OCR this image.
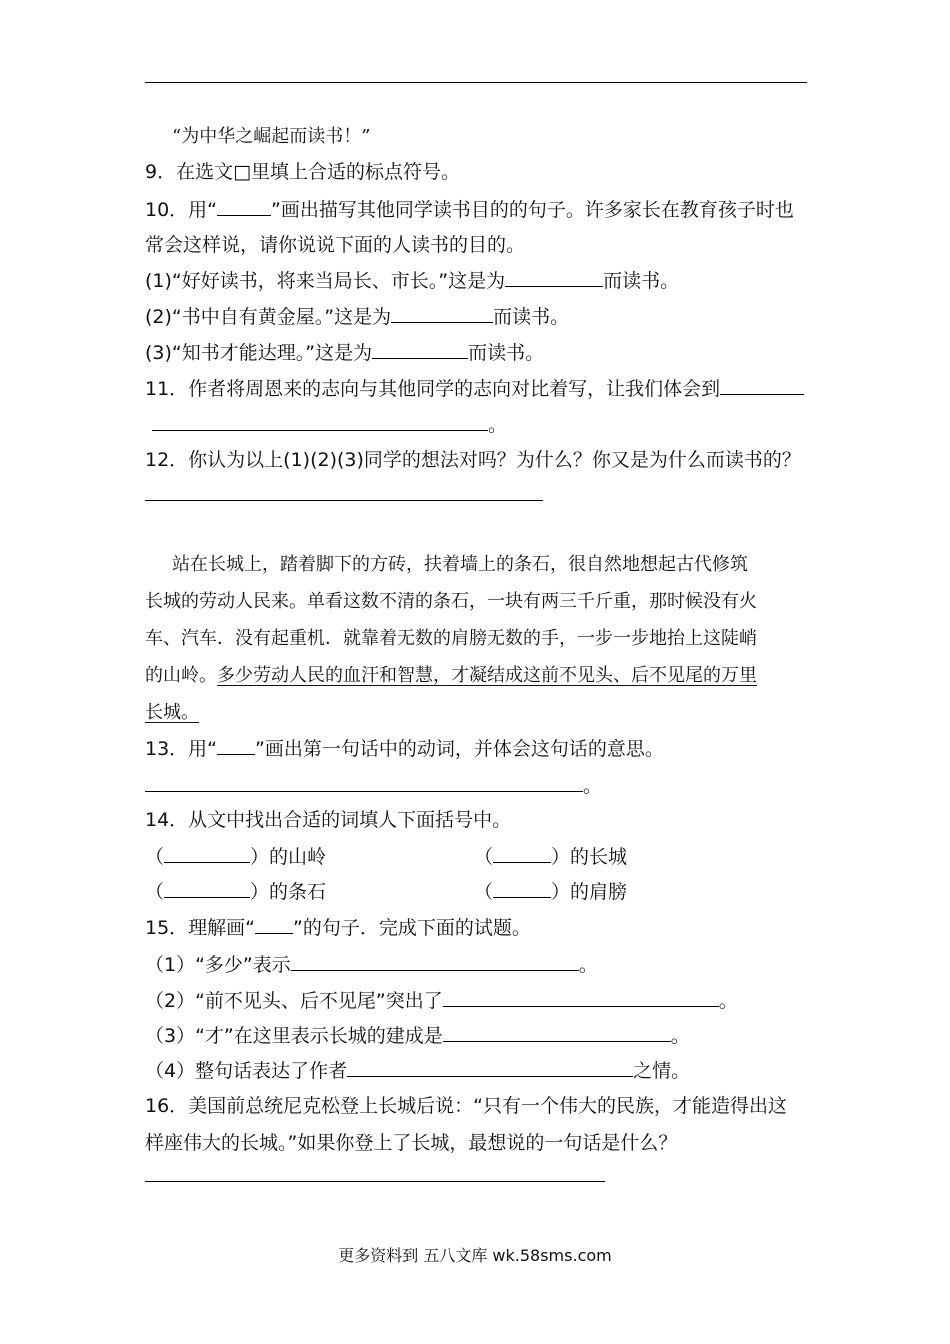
“为中华之崛起而读书！”
9．在选文□里填上合适的标点符号。
10．用“	”画出描写其他同学读书目的的句子。许多家长在教育孩子时也
常会这样说，请你说说下面的人读书的目的。
(1)“好好读书，将来当局长、市长。”这是为	而读书。
(2)“书中自有黄金屋。”这是为	而读书。
(3)“知书才能达理。”这是为	而读书。
11．作者将周恩来的志向与其他同学的志向对比着写，让我们体会到
。
12．你认为以上(1)(2)(3)同学的想法对吗？为什么？你又是为什么而读书的？
站在长城上，踏着脚下的方砖，扶着墙上的条石，很自然地想起古代修筑
长城的劳动人民来。单看这数不清的条石，一块有两三千斤重，那时候没有火
车、汽车．没有起重机．就靠着无数的肩膀无数的手，一步一步地抬上这陡峭
的山岭。多少劳动人民的血汗和智慧，才凝结成这前不见头、后不见尾的万里
长城。
13．用“ ”画出第一句话中的动词，并体会这句话的意思。
。
14．从文中找出合适的词填人下面括号中。
（	）的山岭	（	）的长城
（	）的条石	（	）的肩膀
15．理解画“ ”的句子．完成下面的试题。
（1）“多少”表示	。
（2）“前不见头、后不见尾”突出了	。
（3）“才”在这里表示长城的建成是	。
（4）整句话表达了作者	之情。
16．美国前总统尼克松登上长城后说：“只有一个伟大的民族，才能造得出这
样座伟大的长城。”如果你登上了长城，最想说的一句话是什么？
更多资料到 五八文库 wk.58sms.com
